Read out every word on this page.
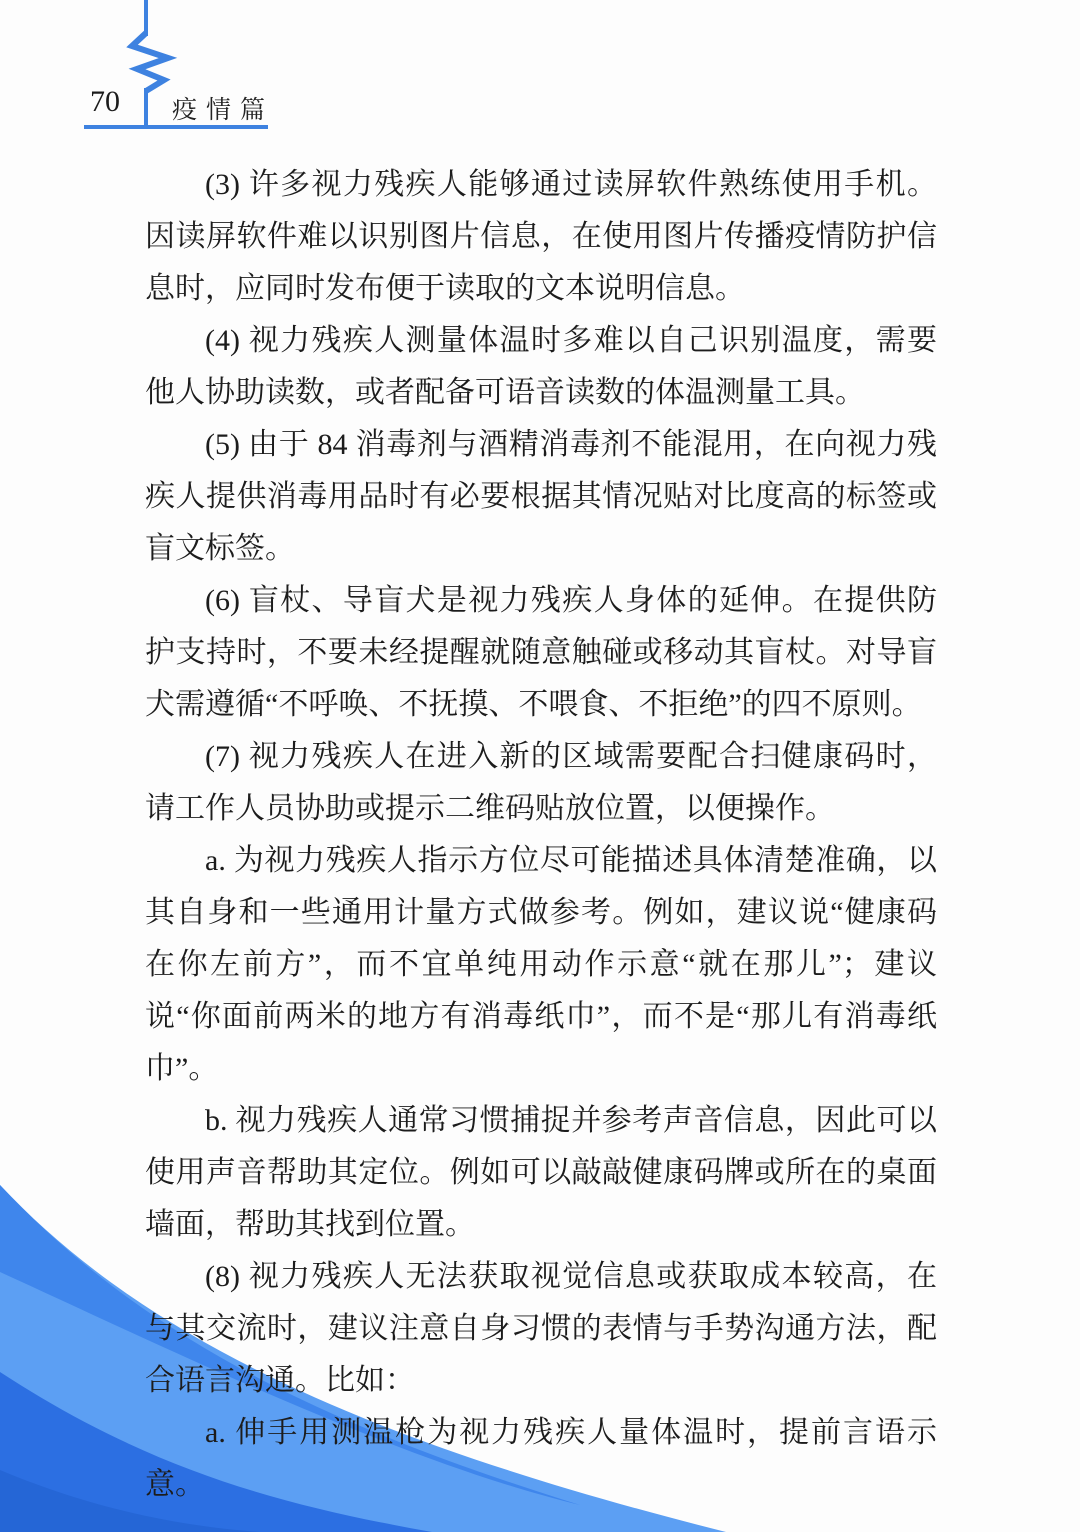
70 疫情篇

(3) 许多视力残疾人能够通过读屏软件熟练使用手机。因读屏软件难以识别图片信息，在使用图片传播疫情防护信息时，应同时发布便于读取的文本说明信息。

(4) 视力残疾人测量体温时多难以自己识别温度，需要他人协助读数，或者配备可语音读数的体温测量工具。

(5) 由于 84 消毒剂与酒精消毒剂不能混用，在向视力残疾人提供消毒用品时有必要根据其情况贴对比度高的标签或盲文标签。

(6) 盲杖、导盲犬是视力残疾人身体的延伸。在提供防护支持时，不要未经提醒就随意触碰或移动其盲杖。对导盲犬需遵循“不呼唤、不抚摸、不喂食、不拒绝”的四不原则。

(7) 视力残疾人在进入新的区域需要配合扫健康码时，请工作人员协助或提示二维码贴放位置，以便操作。

a. 为视力残疾人指示方位尽可能描述具体清楚准确，以其自身和一些通用计量方式做参考。例如，建议说“健康码在你左前方”，而不宜单纯用动作示意“就在那儿”；建议说“你面前两米的地方有消毒纸巾”，而不是“那儿有消毒纸巾”。

b. 视力残疾人通常习惯捕捉并参考声音信息，因此可以使用声音帮助其定位。例如可以敲敲健康码牌或所在的桌面墙面，帮助其找到位置。

(8) 视力残疾人无法获取视觉信息或获取成本较高，在与其交流时，建议注意自身习惯的表情与手势沟通方法，配合语言沟通。比如：

a. 伸手用测温枪为视力残疾人量体温时，提前言语示意。
